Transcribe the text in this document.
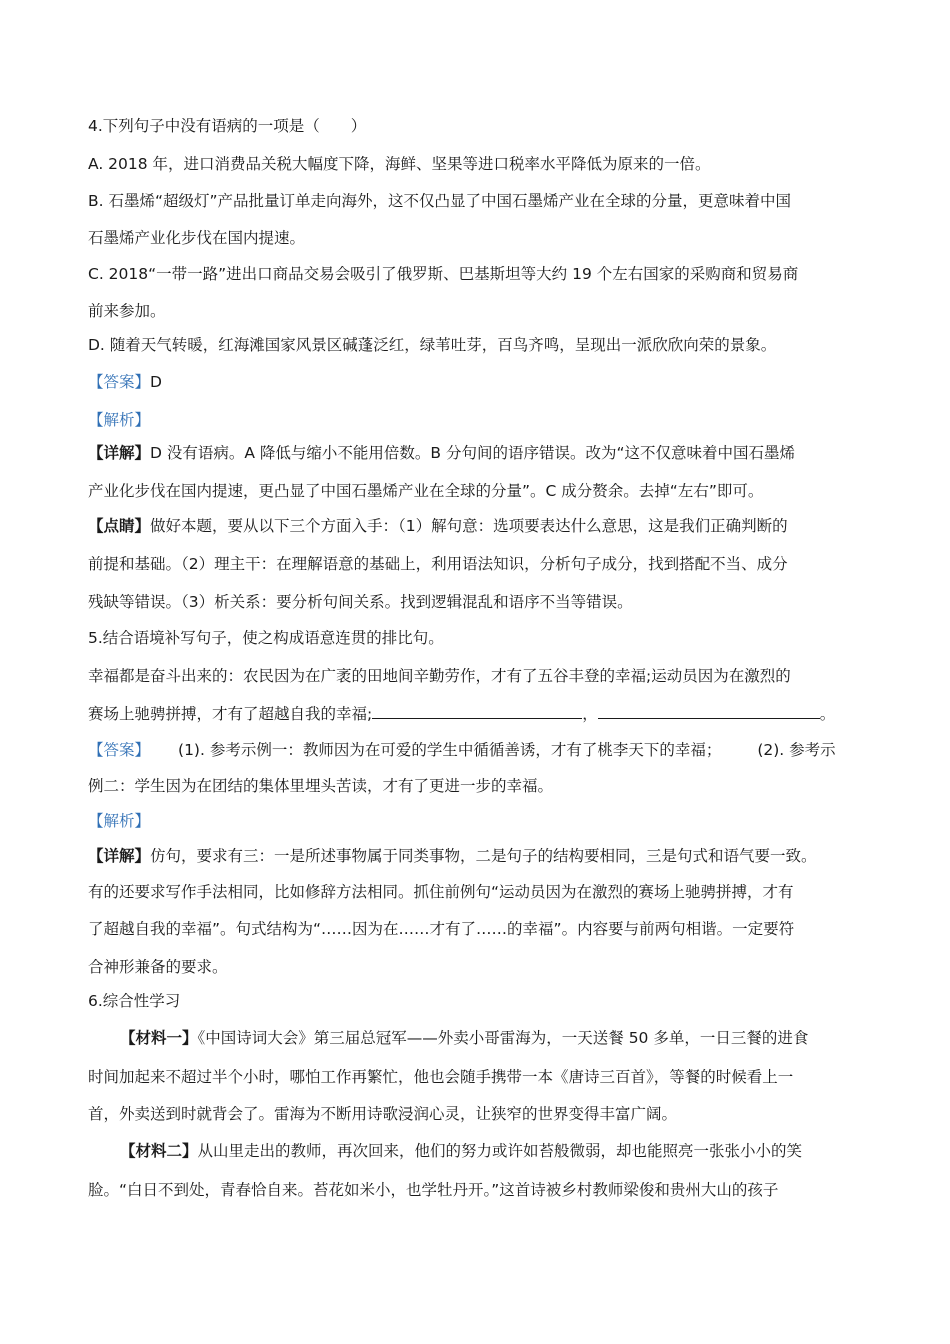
4.下列句子中没有语病的一项是（　　）
A. 2018 年，进口消费品关税大幅度下降，海鲜、坚果等进口税率水平降低为原来的一倍。
B. 石墨烯“超级灯”产品批量订单走向海外，这不仅凸显了中国石墨烯产业在全球的分量，更意味着中国
石墨烯产业化步伐在国内提速。
C. 2018“一带一路”进出口商品交易会吸引了俄罗斯、巴基斯坦等大约 19 个左右国家的采购商和贸易商
前来参加。
D. 随着天气转暖，红海滩国家风景区碱蓬泛红，绿苇吐芽，百鸟齐鸣，呈现出一派欣欣向荣的景象。
【答案】D
【解析】
【详解】D 没有语病。A 降低与缩小不能用倍数。B 分句间的语序错误。改为“这不仅意味着中国石墨烯
产业化步伐在国内提速，更凸显了中国石墨烯产业在全球的分量”。C 成分赘余。去掉“左右”即可。
【点睛】做好本题，要从以下三个方面入手：（1）解句意：选项要表达什么意思，这是我们正确判断的
前提和基础。（2）理主干：在理解语意的基础上，利用语法知识，分析句子成分，找到搭配不当、成分
残缺等错误。（3）析关系：要分析句间关系。找到逻辑混乱和语序不当等错误。
5.结合语境补写句子，使之构成语意连贯的排比句。
幸福都是奋斗出来的：农民因为在广袤的田地间辛勤劳作，才有了五谷丰登的幸福;运动员因为在激烈的
赛场上驰骋拼搏，才有了超越自我的幸福;	，	。
【答案】 (1). 参考示例一：教师因为在可爱的学生中循循善诱，才有了桃李天下的幸福； (2). 参考示
例二：学生因为在团结的集体里埋头苦读，才有了更进一步的幸福。
【解析】
【详解】仿句，要求有三：一是所述事物属于同类事物，二是句子的结构要相同，三是句式和语气要一致。
有的还要求写作手法相同，比如修辞方法相同。抓住前例句“运动员因为在激烈的赛场上驰骋拼搏，才有
了超越自我的幸福”。句式结构为“……因为在……才有了……的幸福”。内容要与前两句相谐。一定要符
合神形兼备的要求。
6.综合性学习
【材料一】《中国诗词大会》第三届总冠军——外卖小哥雷海为，一天送餐 50 多单，一日三餐的进食
时间加起来不超过半个小时，哪怕工作再繁忙，他也会随手携带一本《唐诗三百首》，等餐的时候看上一
首，外卖送到时就背会了。雷海为不断用诗歌浸润心灵，让狭窄的世界变得丰富广阔。
【材料二】从山里走出的教师，再次回来，他们的努力或许如苔般微弱，却也能照亮一张张小小的笑
脸。“白日不到处，青春恰自来。苔花如米小，也学牡丹开。”这首诗被乡村教师梁俊和贵州大山的孩子
